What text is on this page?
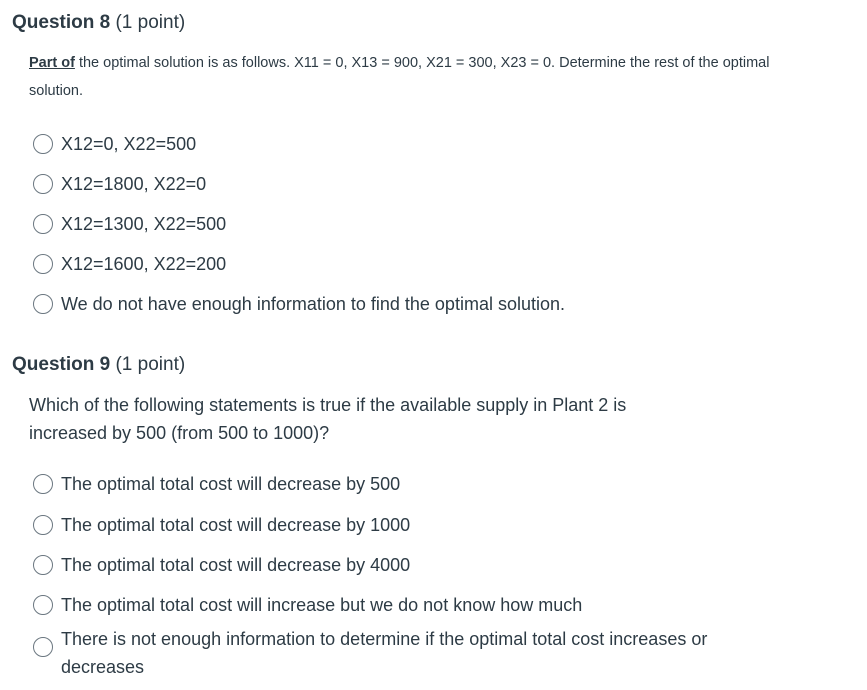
Question 8 (1 point)
Part of the optimal solution is as follows. X11 = 0, X13 = 900, X21 = 300, X23 = 0. Determine the rest of the optimal solution.
X12=0, X22=500
X12=1800, X22=0
X12=1300, X22=500
X12=1600, X22=200
We do not have enough information to find the optimal solution.
Question 9 (1 point)
Which of the following statements is true if the available supply in Plant 2 is increased by 500 (from 500 to 1000)?
The optimal total cost will decrease by 500
The optimal total cost will decrease by 1000
The optimal total cost will decrease by 4000
The optimal total cost will increase but we do not know how much
There is not enough information to determine if the optimal total cost increases or decreases
